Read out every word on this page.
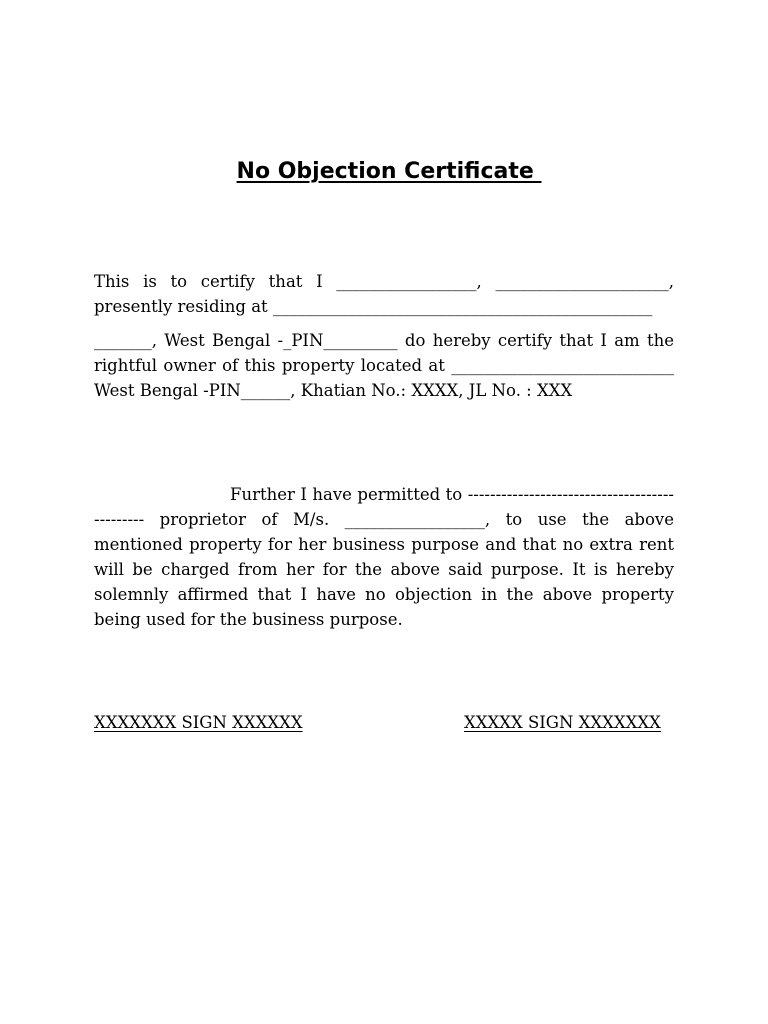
No Objection Certificate

This is to certify that I _________________, _____________________, presently residing at ______________________________________________

_______, West Bengal -_PIN_________ do hereby certify that I am the rightful owner of this property located at ___________________________ West Bengal -PIN______, Khatian No.: XXXX, JL No. : XXX

Further I have permitted to ---------------------------------------------- proprietor of M/s. _________________, to use the above mentioned property for her business purpose and that no extra rent will be charged from her for the above said purpose. It is hereby solemnly affirmed that I have no objection in the above property being used for the business purpose.

XXXXXXX SIGN XXXXXX	XXXXX SIGN XXXXXXX
